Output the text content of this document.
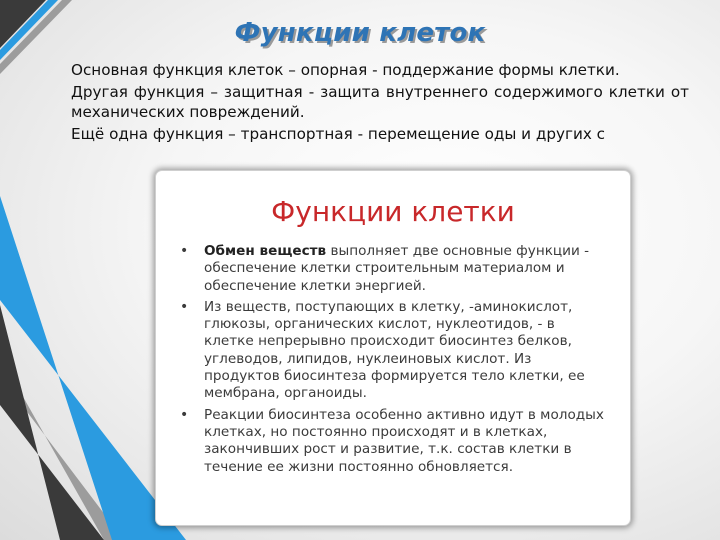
Функции клеток

Основная функция клеток – опорная - поддержание формы клетки.

Другая функция – защитная - защита внутреннего содержимого клетки от механических повреждений.

Ещё одна функция – транспортная - перемещение оды и других с

Функции клетки
• Обмен веществ выполняет две основные функции - обеспечение клетки строительным материалом и обеспечение клетки энергией.
• Из веществ, поступающих в клетку, -аминокислот, глюкозы, органических кислот, нуклеотидов, - в клетке непрерывно происходит биосинтез белков, углеводов, липидов, нуклеиновых кислот. Из продуктов биосинтеза формируется тело клетки, ее мембрана, органоиды.
• Реакции биосинтеза особенно активно идут в молодых клетках, но постоянно происходят и в клетках, закончивших рост и развитие, т.к. состав клетки в течение ее жизни постоянно обновляется.
